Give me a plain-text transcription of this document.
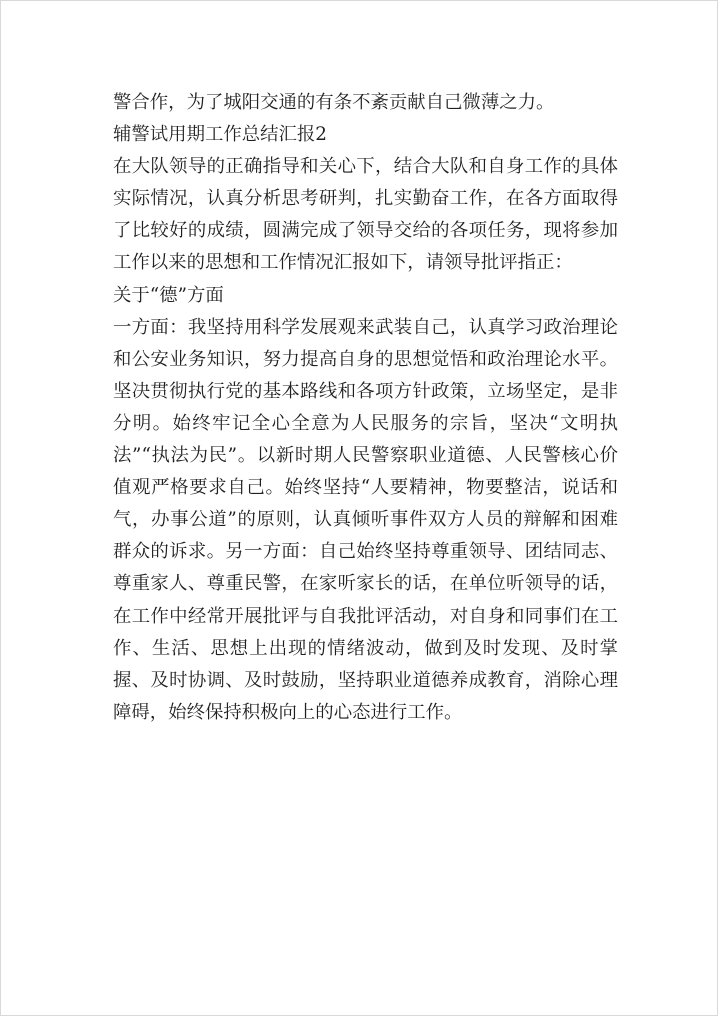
警合作，为了城阳交通的有条不紊贡献自己微薄之力。

辅警试用期工作总结汇报2

在大队领导的正确指导和关心下，结合大队和自身工作的具体实际情况，认真分析思考研判，扎实勤奋工作，在各方面取得了比较好的成绩，圆满完成了领导交给的各项任务，现将参加工作以来的思想和工作情况汇报如下，请领导批评指正：

关于“德”方面

一方面：我坚持用科学发展观来武装自己，认真学习政治理论和公安业务知识，努力提高自身的思想觉悟和政治理论水平。坚决贯彻执行党的基本路线和各项方针政策，立场坚定，是非分明。始终牢记全心全意为人民服务的宗旨，坚决“文明执法”“执法为民”。以新时期人民警察职业道德、人民警核心价值观严格要求自己。始终坚持“人要精神，物要整洁，说话和气，办事公道”的原则，认真倾听事件双方人员的辩解和困难群众的诉求。另一方面：自己始终坚持尊重领导、团结同志、尊重家人、尊重民警，在家听家长的话，在单位听领导的话，在工作中经常开展批评与自我批评活动，对自身和同事们在工作、生活、思想上出现的情绪波动，做到及时发现、及时掌握、及时协调、及时鼓励，坚持职业道德养成教育，消除心理障碍，始终保持积极向上的心态进行工作。
